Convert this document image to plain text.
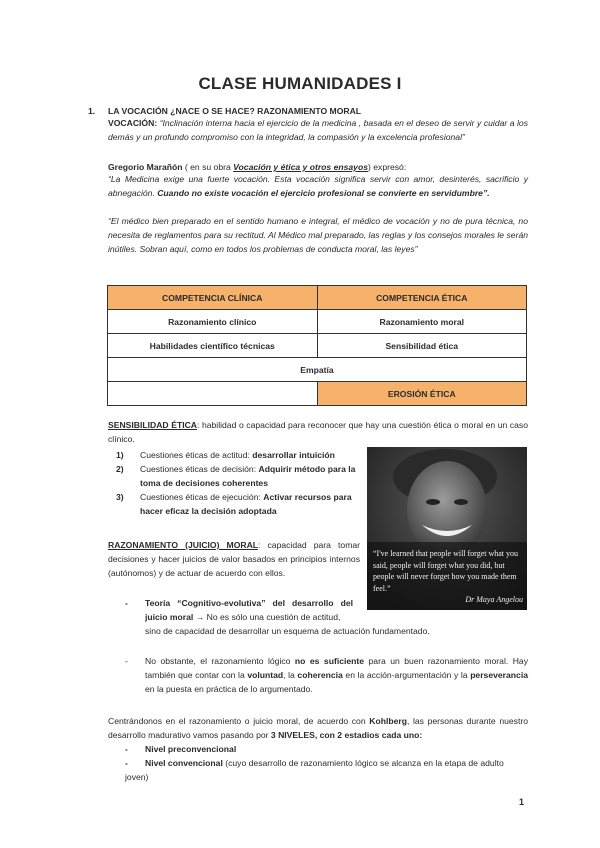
CLASE HUMANIDADES I

1. LA VOCACIÓN ¿NACE O SE HACE? RAZONAMIENTO MORAL

VOCACIÓN: “Inclinación interna hacia el ejercicio de la medicina , basada en el deseo de servir y cuidar a los demás y un profundo compromiso con la integridad, la compasión y la excelencia profesional”

Gregorio Marañón ( en su obra Vocación y ética y otros ensayos) expresó:

“La Medicina exige una fuerte vocación. Esta vocación significa servir con amor, desinterés, sacrificio y abnegación. Cuando no existe vocación el ejercicio profesional se convierte en servidumbre”.

“El médico bien preparado en el sentido humano e integral, el médico de vocación y no de pura técnica, no necesita de reglamentos para su rectitud. Al Médico mal preparado, las reglas y los consejos morales le serán inútiles. Sobran aquí, como en todos los problemas de conducta moral, las leyes”

COMPETENCIA CLÍNICA	COMPETENCIA ÉTICA
Razonamiento clínico	Razonamiento moral
Habilidades científico técnicas	Sensibilidad ética
Empatía	
	EROSIÓN ÉTICA

SENSIBILIDAD ÉTICA: habilidad o capacidad para reconocer que hay una cuestión ética o moral en un caso clínico.

1)	Cuestiones éticas de actitud: desarrollar intuición
2)	Cuestiones éticas de decisión: Adquirir método para la toma de decisiones coherentes
3)	Cuestiones éticas de ejecución: Activar recursos para hacer eficaz la decisión adoptada
“I've learned that people will forget what you said, people will forget what you did, but people will never forget how you made them feel.”
Dr Maya Angelou

RAZONAMIENTO (JUICIO) MORAL: capacidad para tomar decisiones y hacer juicios de valor basados en principios internos (autónomos) y de actuar de acuerdo con ellos.

- Teoría “Cognitivo-evolutiva” del desarrollo del juicio moral → No es sólo una cuestión de actitud,

sino de capacidad de desarrollar un esquema de actuación fundamentado.

- No obstante, el razonamiento lógico no es suficiente para un buen razonamiento moral. Hay también que contar con la voluntad, la coherencia en la acción-argumentación y la perseverancia en la puesta en práctica de lo argumentado.

Centrándonos en el razonamiento o juicio moral, de acuerdo con Kohlberg, las personas durante nuestro desarrollo madurativo vamos pasando por 3 NIVELES, con 2 estadios cada uno:

- Nivel preconvencional
- Nivel convencional (cuyo desarrollo de razonamiento lógico se alcanza en la etapa de adulto joven)

1
